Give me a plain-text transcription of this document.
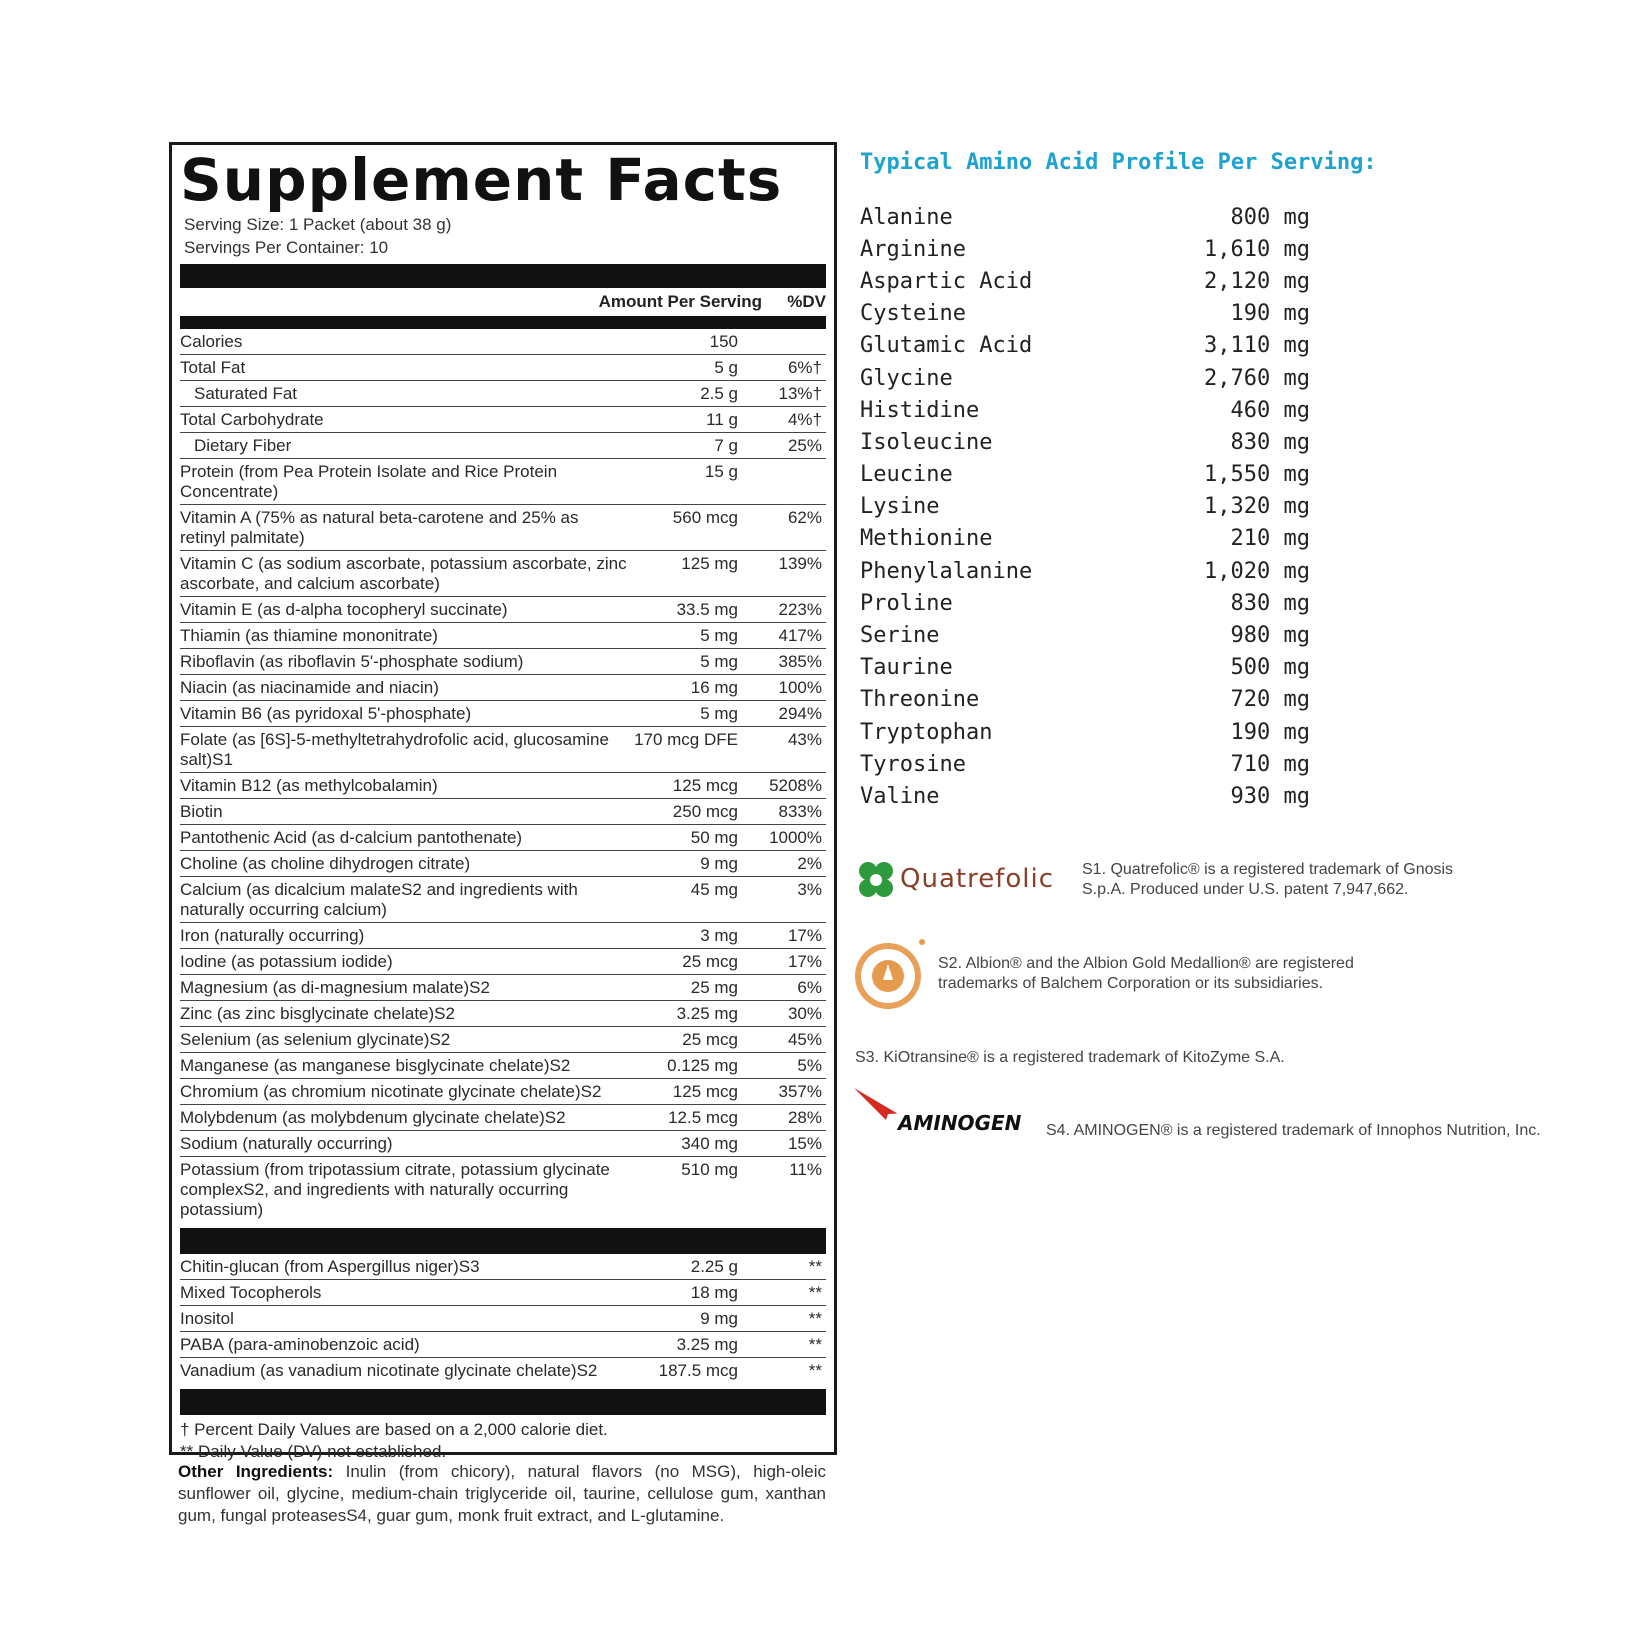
Supplement Facts
Serving Size: 1 Packet (about 38 g)
Servings Per Container: 10
Amount Per Serving	%DV
Calories	150
Total Fat	5 g	6%†
Saturated Fat	2.5 g	13%†
Total Carbohydrate	11 g	4%†
Dietary Fiber	7 g	25%
Protein (from Pea Protein Isolate and Rice Protein Concentrate)
15 g
Vitamin A (75% as natural beta-carotene and 25% as retinyl palmitate)
560 mcg	62%
Vitamin C (as sodium ascorbate, potassium ascorbate, zinc ascorbate, and calcium ascorbate)
125 mg	139%
Vitamin E (as d-alpha tocopheryl succinate)	33.5 mg	223%
Thiamin (as thiamine mononitrate)	5 mg	417%
Riboflavin (as riboflavin 5'-phosphate sodium)	5 mg	385%
Niacin (as niacinamide and niacin)	16 mg	100%
Vitamin B6 (as pyridoxal 5'-phosphate)	5 mg	294%
Folate (as [6S]-5-methyltetrahydrofolic acid, glucosamine salt)S1
170 mcg DFE	43%
Vitamin B12 (as methylcobalamin)	125 mcg	5208%
Biotin	250 mcg	833%
Pantothenic Acid (as d-calcium pantothenate)	50 mg	1000%
Choline (as choline dihydrogen citrate)	9 mg	2%
Calcium (as dicalcium malateS2 and ingredients with naturally occurring calcium)
45 mg	3%
Iron (naturally occurring)	3 mg	17%
Iodine (as potassium iodide)	25 mcg	17%
Magnesium (as di-magnesium malate)S2	25 mg	6%
Zinc (as zinc bisglycinate chelate)S2	3.25 mg	30%
Selenium (as selenium glycinate)S2	25 mcg	45%
Manganese (as manganese bisglycinate chelate)S2	0.125 mg	5%
Chromium (as chromium nicotinate glycinate chelate)S2	125 mcg	357%
Molybdenum (as molybdenum glycinate chelate)S2	12.5 mcg	28%
Sodium (naturally occurring)	340 mg	15%
Potassium (from tripotassium citrate, potassium glycinate complexS2, and ingredients with naturally occurring potassium)
510 mg	11%
Chitin-glucan (from Aspergillus niger)S3	2.25 g	**
Mixed Tocopherols	18 mg	**
Inositol	9 mg	**
PABA (para-aminobenzoic acid)	3.25 mg	**
Vanadium (as vanadium nicotinate glycinate chelate)S2	187.5 mcg	**
† Percent Daily Values are based on a 2,000 calorie diet.
** Daily Value (DV) not established.
Other Ingredients: Inulin (from chicory), natural flavors (no MSG), high-oleic sunflower oil, glycine, medium-chain triglyceride oil, taurine, cellulose gum, xanthan gum, fungal proteasesS4, guar gum, monk fruit extract, and L-glutamine.
Typical Amino Acid Profile Per Serving:
Alanine	800 mg
Arginine	1,610 mg
Aspartic Acid	2,120 mg
Cysteine	190 mg
Glutamic Acid	3,110 mg
Glycine	2,760 mg
Histidine	460 mg
Isoleucine	830 mg
Leucine	1,550 mg
Lysine	1,320 mg
Methionine	210 mg
Phenylalanine	1,020 mg
Proline	830 mg
Serine	980 mg
Taurine	500 mg
Threonine	720 mg
Tryptophan	190 mg
Tyrosine	710 mg
Valine	930 mg
Quatrefolic S1. Quatrefolic® is a registered trademark of Gnosis S.p.A. Produced under U.S. patent 7,947,662.
S2. Albion® and the Albion Gold Medallion® are registered trademarks of Balchem Corporation or its subsidiaries.
S3. KiOtransine® is a registered trademark of KitoZyme S.A.
AMINOGEN S4. AMINOGEN® is a registered trademark of Innophos Nutrition, Inc.
